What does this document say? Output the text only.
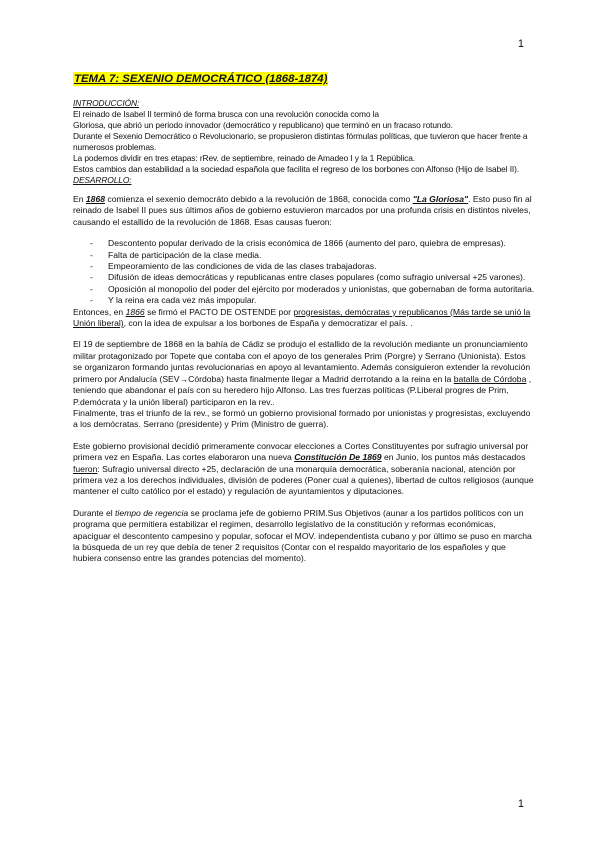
1
TEMA 7: SEXENIO DEMOCRÁTICO (1868-1874)

INTRODUCCIÓN:

El reinado de Isabel II terminó de forma brusca con una revolución conocida como la

Gloriosa, que abrió un periodo innovador (democrático y republicano) que terminó en un fracaso rotundo.

Durante el Sexenio Democrático o Revolucionario, se propusieron distintas fórmulas políticas, que tuvieron que hacer frente a numerosos problemas.

La podemos dividir en tres etapas: rRev. de septiembre, reinado de Amadeo I y la 1 República.

Estos cambios dan estabilidad a la sociedad española que facilita el regreso de los borbones con Alfonso (Hijo de Isabel II).

DESARROLLO:

En 1868 comienza el sexenio democráto debido a la revolución de 1868, conocida como "La Gloriosa". Esto puso fin al reinado de Isabel II pues sus últimos años de gobierno estuvieron marcados por una profunda crisis en distintos niveles, causando el estallido de la revolución de 1868. Esas causas fueron:

- Descontento popular derivado de la crisis económica de 1866 (aumento del paro, quiebra de empresas).
- Falta de participación de la clase media.
- Empeoramiento de las condiciones de vida de las clases trabajadoras.
- Difusión de ideas democráticas y republicanas entre clases populares (como sufragio universal +25 varones).
- Oposición al monopolio del poder del ejército por moderados y unionistas, que gobernaban de forma autoritaria.
- Y la reina era cada vez más impopular.

Entonces, en 1866 se firmó el PACTO DE OSTENDE por progresistas, demócratas y republicanos (Más tarde se unió la Unión liberal), con la idea de expulsar a los borbones de España y democratizar el país. .

El 19 de septiembre de 1868 en la bahía de Cádiz se produjo el estallido de la revolución mediante un pronunciamiento militar protagonizado por Topete que contaba con el apoyo de los generales Prim (Porgre) y Serrano (Unionista). Estos se organizaron formando juntas revolucionarias en apoyo al levantamiento. Además consiguieron extender la revolución primero por Andalucía (SEV→Córdoba) hasta finalmente llegar a Madrid derrotando a la reina en la batalla de Córdoba , teniendo que abandonar el país con su heredero hijo Alfonso. Las tres fuerzas políticas (P.Liberal progres de Prim, P.demócrata y la unión liberal) participaron en la rev..

Finalmente, tras el triunfo de la rev., se formó un gobierno provisional formado por unionistas y progresistas, excluyendo a los demócratas. Serrano (presidente) y Prim (Ministro de guerra).

Este gobierno provisional decidió primeramente convocar elecciones a Cortes Constituyentes por sufragio universal por primera vez en España. Las cortes elaboraron una nueva Constitución De 1869 en Junio, los puntos más destacados fueron: Sufragio universal directo +25, declaración de una monarquía democrática, soberanía nacional, atención por primera vez a los derechos individuales, división de poderes (Poner cual a quienes), libertad de cultos religiosos (aunque mantener el culto católico por el estado) y regulación de ayuntamientos y diputaciones.

Durante el tiempo de regencia se proclama jefe de gobierno PRIM.Sus Objetivos (aunar a los partidos políticos con un programa que permitiera estabilizar el regimen, desarrollo legislativo de la constitución y reformas económicas, apaciguar el descontento campesino y popular, sofocar el MOV. independentista cubano y por último se puso en marcha la búsqueda de un rey que debía de tener 2 requisitos (Contar con el respaldo mayoritario de los españoles y que hubiera consenso entre las grandes potencias del momento).

1
